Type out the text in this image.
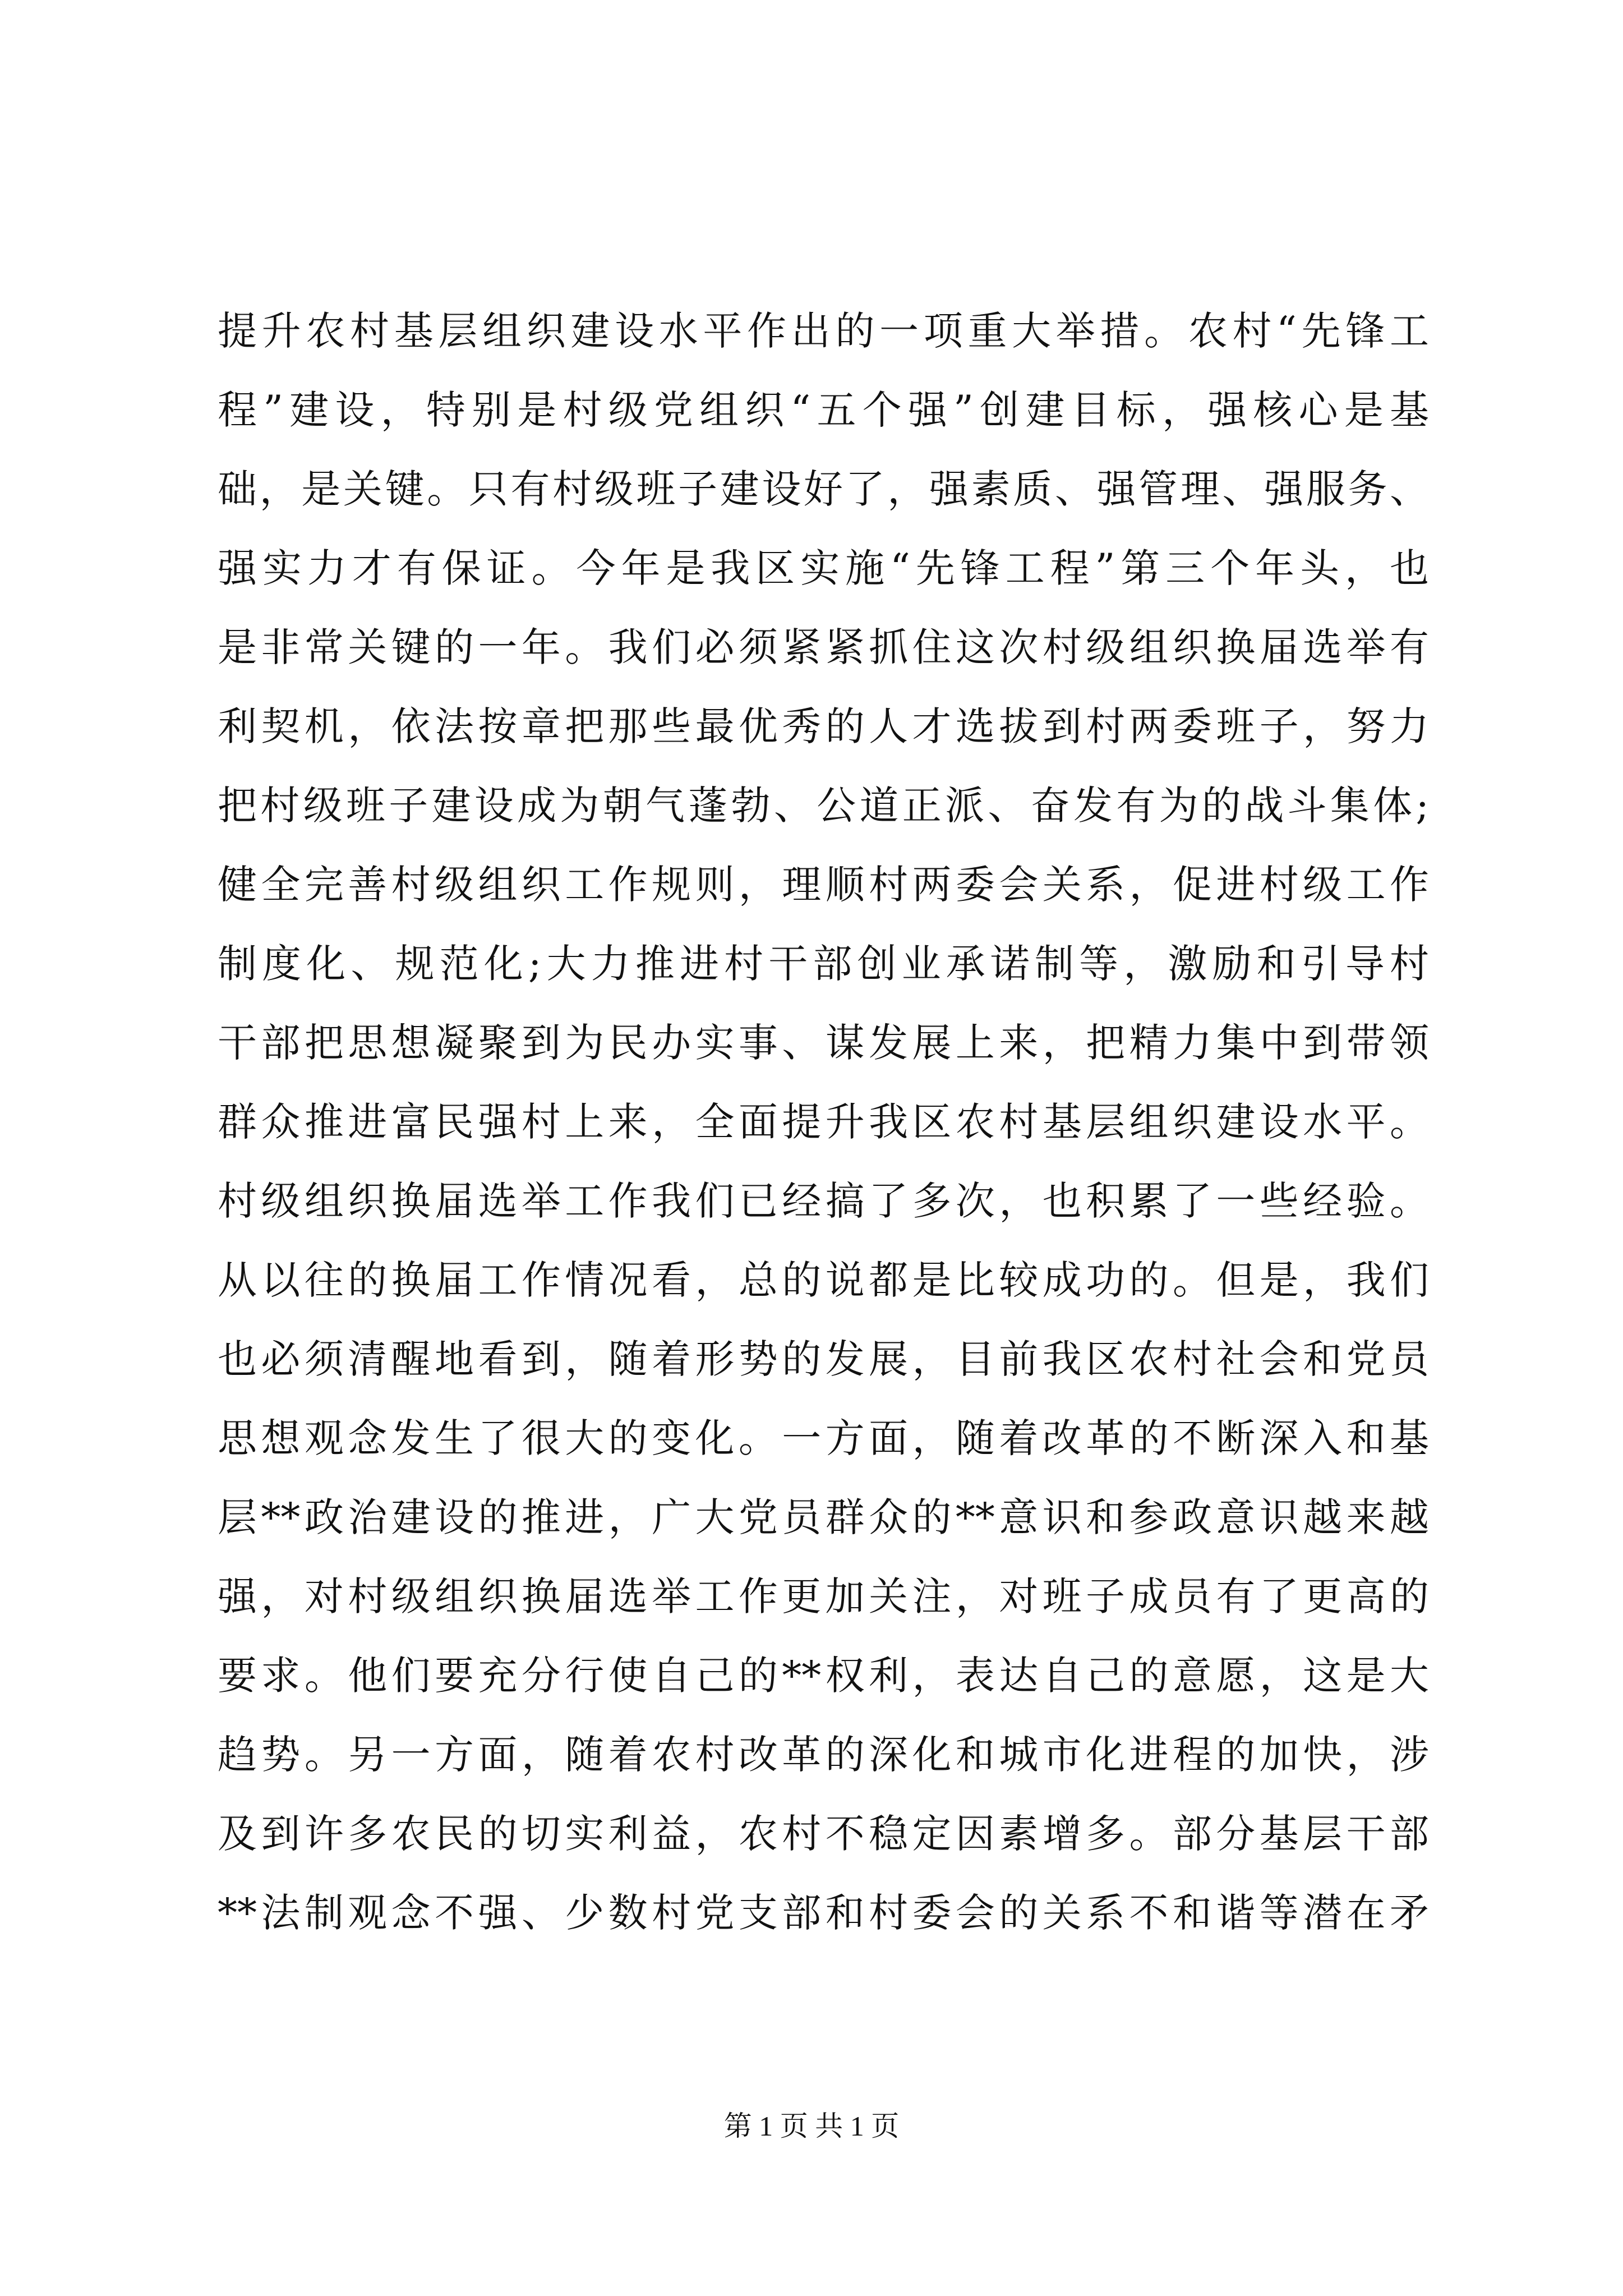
提升农村基层组织建设水平作出的一项重大举措。农村“先锋工
程”建设，特别是村级党组织“五个强”创建目标，强核心是基
础，是关键。只有村级班子建设好了，强素质、强管理、强服务、
强实力才有保证。今年是我区实施“先锋工程”第三个年头，也
是非常关键的一年。我们必须紧紧抓住这次村级组织换届选举有
利契机，依法按章把那些最优秀的人才选拔到村两委班子，努力
把村级班子建设成为朝气蓬勃、公道正派、奋发有为的战斗集体;
健全完善村级组织工作规则，理顺村两委会关系，促进村级工作
制度化、规范化;大力推进村干部创业承诺制等，激励和引导村
干部把思想凝聚到为民办实事、谋发展上来，把精力集中到带领
群众推进富民强村上来，全面提升我区农村基层组织建设水平。
村级组织换届选举工作我们已经搞了多次，也积累了一些经验。
从以往的换届工作情况看，总的说都是比较成功的。但是，我们
也必须清醒地看到，随着形势的发展，目前我区农村社会和党员
思想观念发生了很大的变化。一方面，随着改革的不断深入和基
层**政治建设的推进，广大党员群众的**意识和参政意识越来越
强，对村级组织换届选举工作更加关注，对班子成员有了更高的
要求。他们要充分行使自己的**权利，表达自己的意愿，这是大
趋势。另一方面，随着农村改革的深化和城市化进程的加快，涉
及到许多农民的切实利益，农村不稳定因素增多。部分基层干部
**法制观念不强、少数村党支部和村委会的关系不和谐等潜在矛
第 1 页 共 1 页
